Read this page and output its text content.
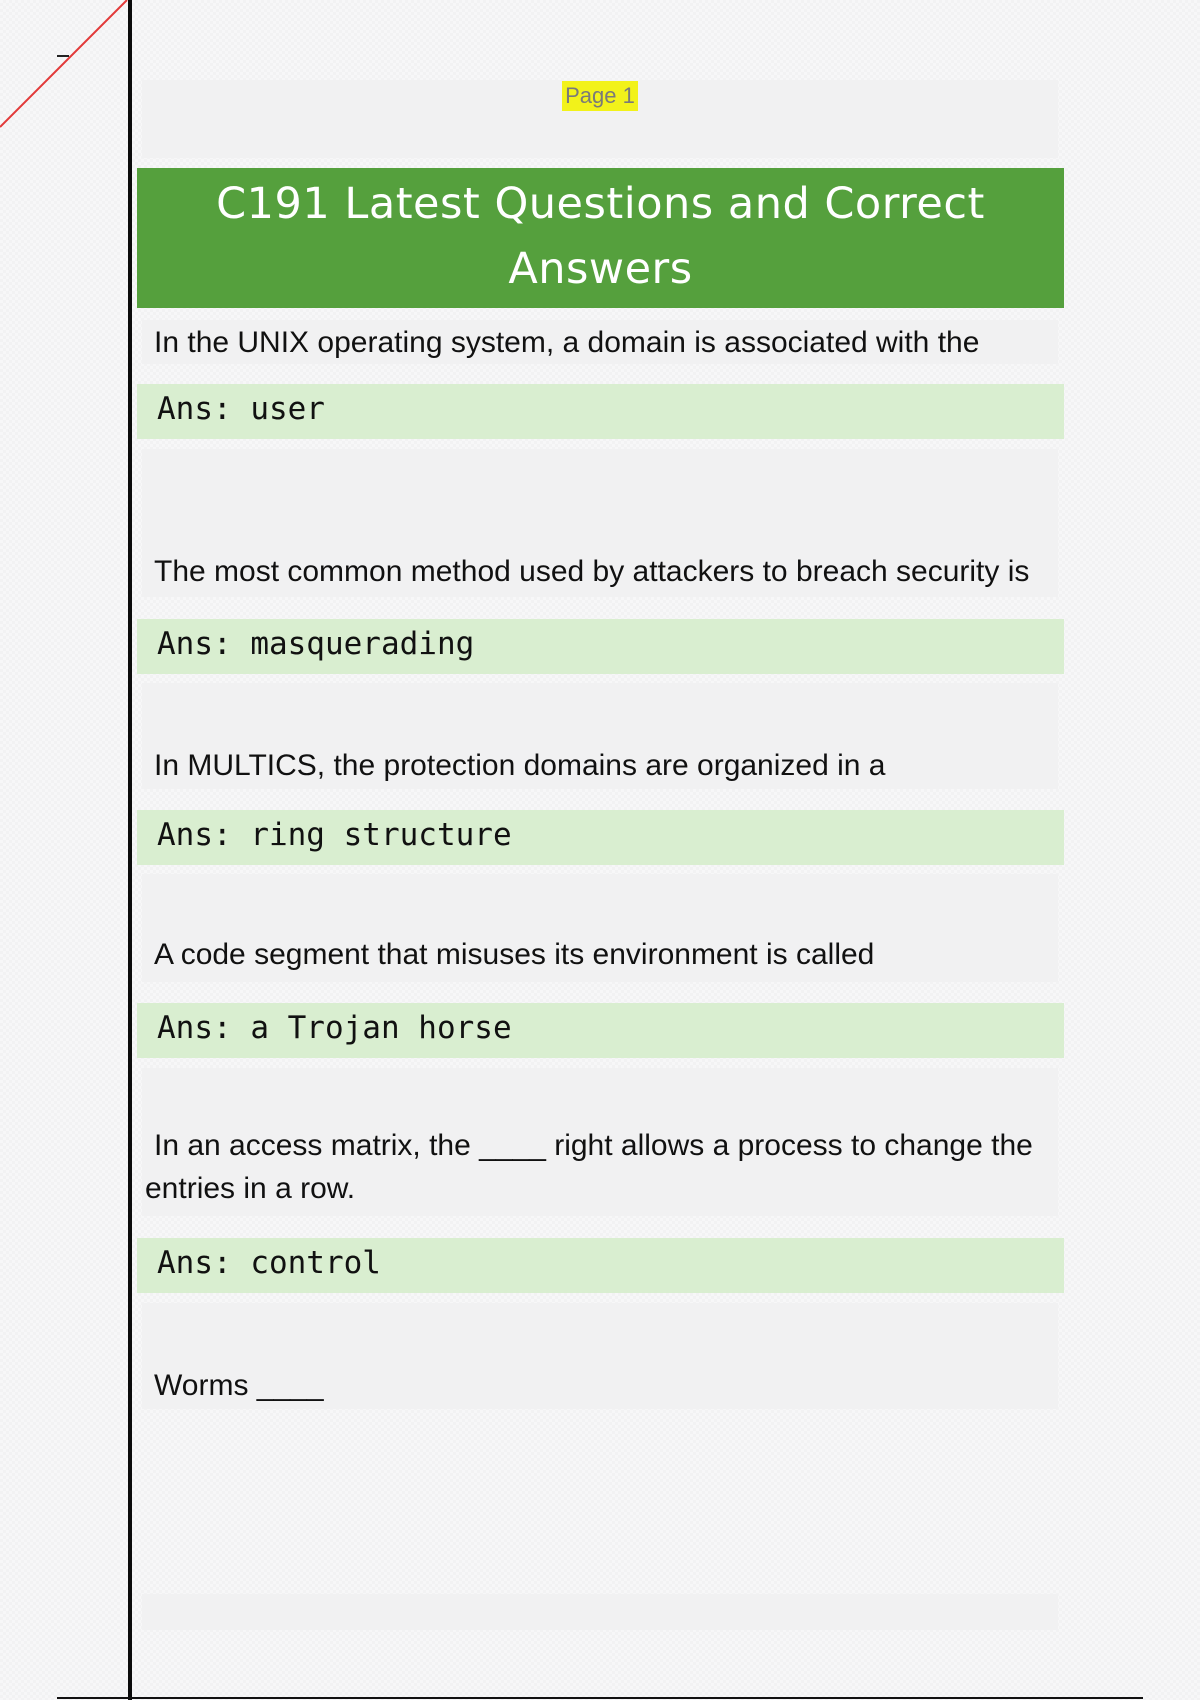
Page 1
C191 Latest Questions and Correct
Answers
In the UNIX operating system, a domain is associated with the
Ans: user
The most common method used by attackers to breach security is
Ans: masquerading
In MULTICS, the protection domains are organized in a
Ans: ring structure
A code segment that misuses its environment is called
Ans: a Trojan horse
In an access matrix, the ____ right allows a process to change the entries in a row.
Ans: control
Worms ____
